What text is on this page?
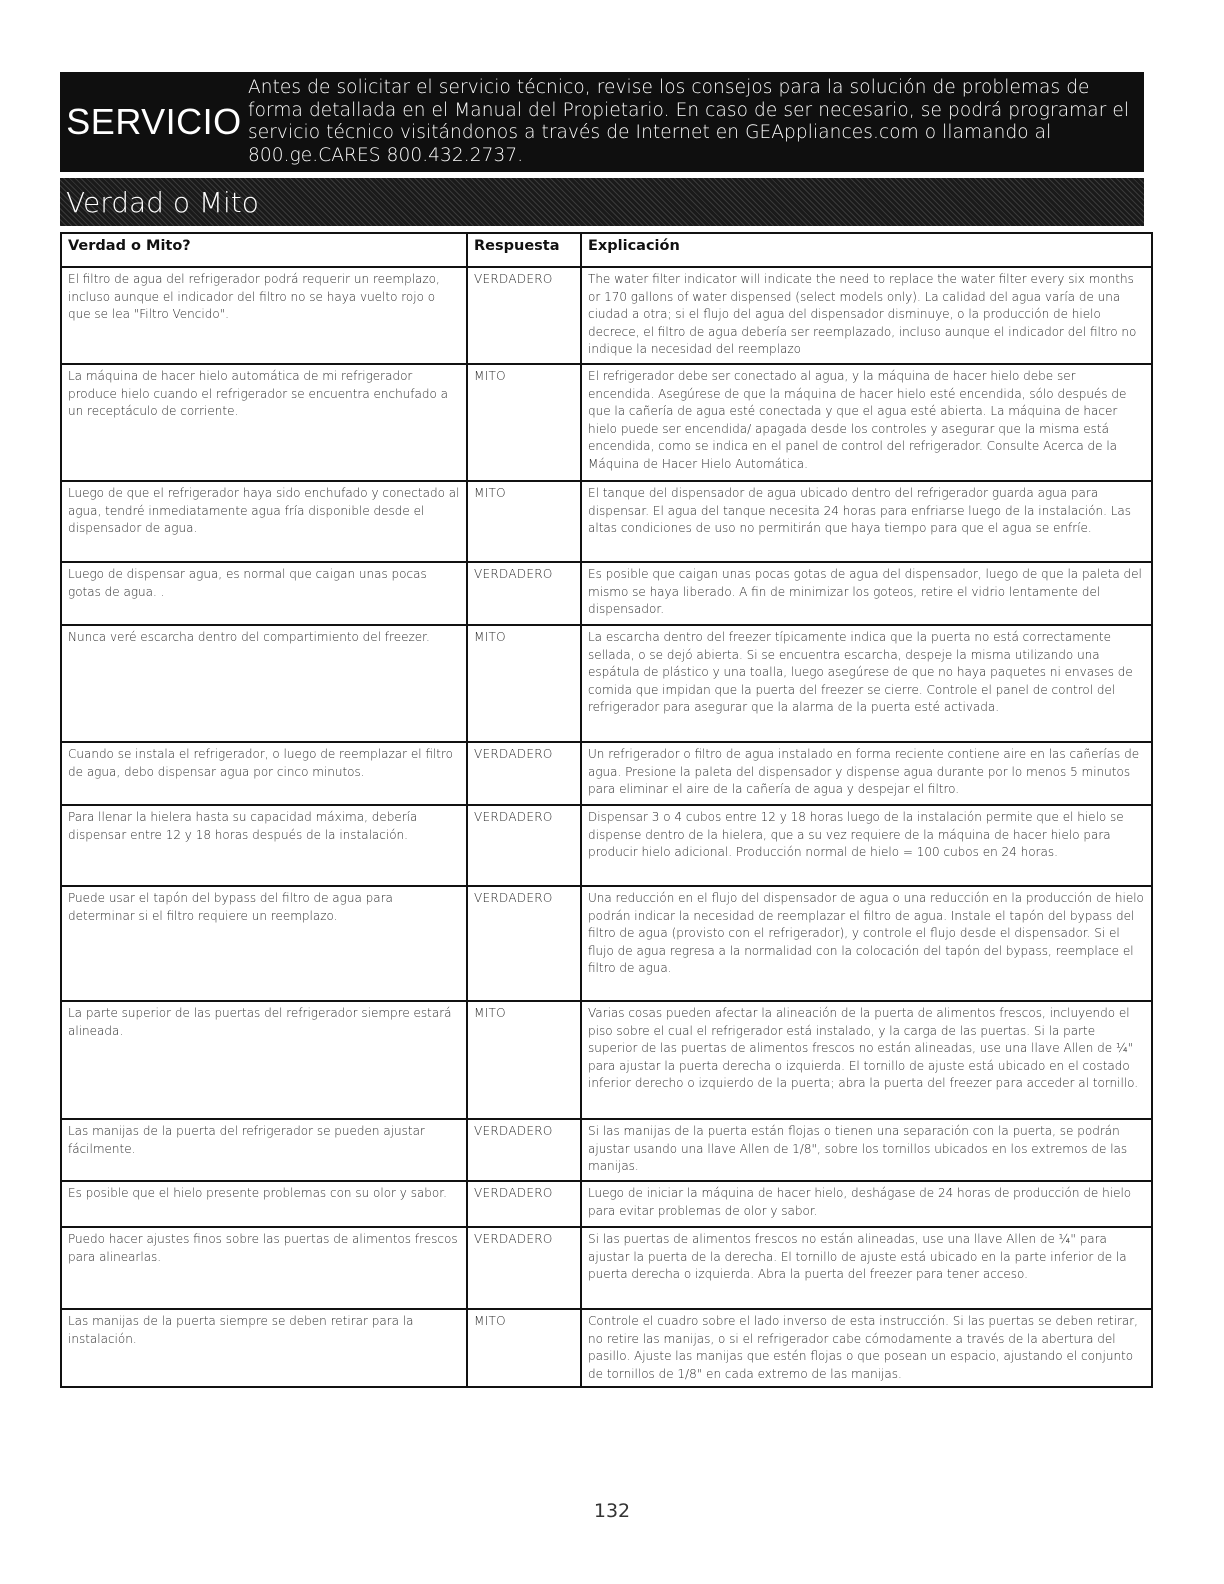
SERVICIO
Antes de solicitar el servicio técnico, revise los consejos para la solución de problemas de forma detallada en el Manual del Propietario. En caso de ser necesario, se podrá programar el servicio técnico visitándonos a través de Internet en GEAppliances.com o llamando al 800.ge.CARES 800.432.2737.
Verdad o Mito
Verdad o Mito?	Respuesta	Explicación
El filtro de agua del refrigerador podrá requerir un reemplazo, incluso aunque el indicador del filtro no se haya vuelto rojo o que se lea "Filtro Vencido".	VERDADERO	The water filter indicator will indicate the need to replace the water filter every six months or 170 gallons of water dispensed (select models only). La calidad del agua varía de una ciudad a otra; si el flujo del agua del dispensador disminuye, o la producción de hielo decrece, el filtro de agua debería ser reemplazado, incluso aunque el indicador del filtro no indique la necesidad del reemplazo
La máquina de hacer hielo automática de mi refrigerador produce hielo cuando el refrigerador se encuentra enchufado a un receptáculo de corriente.	MITO	El refrigerador debe ser conectado al agua, y la máquina de hacer hielo debe ser encendida. Asegúrese de que la máquina de hacer hielo esté encendida, sólo después de que la cañería de agua esté conectada y que el agua esté abierta. La máquina de hacer hielo puede ser encendida/ apagada desde los controles y asegurar que la misma está encendida, como se indica en el panel de control del refrigerador. Consulte Acerca de la Máquina de Hacer Hielo Automática.
Luego de que el refrigerador haya sido enchufado y conectado al agua, tendré inmediatamente agua fría disponible desde el dispensador de agua.	MITO	El tanque del dispensador de agua ubicado dentro del refrigerador guarda agua para dispensar. El agua del tanque necesita 24 horas para enfriarse luego de la instalación. Las altas condiciones de uso no permitirán que haya tiempo para que el agua se enfríe.
Luego de dispensar agua, es normal que caigan unas pocas gotas de agua. .	VERDADERO	Es posible que caigan unas pocas gotas de agua del dispensador, luego de que la paleta del mismo se haya liberado. A fin de minimizar los goteos, retire el vidrio lentamente del dispensador.
Nunca veré escarcha dentro del compartimiento del freezer.	MITO	La escarcha dentro del freezer típicamente indica que la puerta no está correctamente sellada, o se dejó abierta. Si se encuentra escarcha, despeje la misma utilizando una espátula de plástico y una toalla, luego asegúrese de que no haya paquetes ni envases de comida que impidan que la puerta del freezer se cierre. Controle el panel de control del refrigerador para asegurar que la alarma de la puerta esté activada.
Cuando se instala el refrigerador, o luego de reemplazar el filtro de agua, debo dispensar agua por cinco minutos.	VERDADERO	Un refrigerador o filtro de agua instalado en forma reciente contiene aire en las cañerías de agua. Presione la paleta del dispensador y dispense agua durante por lo menos 5 minutos para eliminar el aire de la cañería de agua y despejar el filtro.
Para llenar la hielera hasta su capacidad máxima, debería dispensar entre 12 y 18 horas después de la instalación.	VERDADERO	Dispensar 3 o 4 cubos entre 12 y 18 horas luego de la instalación permite que el hielo se dispense dentro de la hielera, que a su vez requiere de la máquina de hacer hielo para producir hielo adicional. Producción normal de hielo = 100 cubos en 24 horas.
Puede usar el tapón del bypass del filtro de agua para determinar si el filtro requiere un reemplazo.	VERDADERO	Una reducción en el flujo del dispensador de agua o una reducción en la producción de hielo podrán indicar la necesidad de reemplazar el filtro de agua. Instale el tapón del bypass del filtro de agua (provisto con el refrigerador), y controle el flujo desde el dispensador. Si el flujo de agua regresa a la normalidad con la colocación del tapón del bypass, reemplace el filtro de agua.
La parte superior de las puertas del refrigerador siempre estará alineada.	MITO	Varias cosas pueden afectar la alineación de la puerta de alimentos frescos, incluyendo el piso sobre el cual el refrigerador está instalado, y la carga de las puertas. Si la parte superior de las puertas de alimentos frescos no están alineadas, use una llave Allen de ¼" para ajustar la puerta derecha o izquierda. El tornillo de ajuste está ubicado en el costado inferior derecho o izquierdo de la puerta; abra la puerta del freezer para acceder al tornillo.
Las manijas de la puerta del refrigerador se pueden ajustar fácilmente.	VERDADERO	Si las manijas de la puerta están flojas o tienen una separación con la puerta, se podrán ajustar usando una llave Allen de 1/8", sobre los tornillos ubicados en los extremos de las manijas.
Es posible que el hielo presente problemas con su olor y sabor.	VERDADERO	Luego de iniciar la máquina de hacer hielo, deshágase de 24 horas de producción de hielo para evitar problemas de olor y sabor.
Puedo hacer ajustes finos sobre las puertas de alimentos frescos para alinearlas.	VERDADERO	Si las puertas de alimentos frescos no están alineadas, use una llave Allen de ¼" para ajustar la puerta de la derecha. El tornillo de ajuste está ubicado en la parte inferior de la puerta derecha o izquierda. Abra la puerta del freezer para tener acceso.
Las manijas de la puerta siempre se deben retirar para la instalación.	MITO	Controle el cuadro sobre el lado inverso de esta instrucción. Si las puertas se deben retirar, no retire las manijas, o si el refrigerador cabe cómodamente a través de la abertura del pasillo. Ajuste las manijas que estén flojas o que posean un espacio, ajustando el conjunto de tornillos de 1/8" en cada extremo de las manijas.
132
